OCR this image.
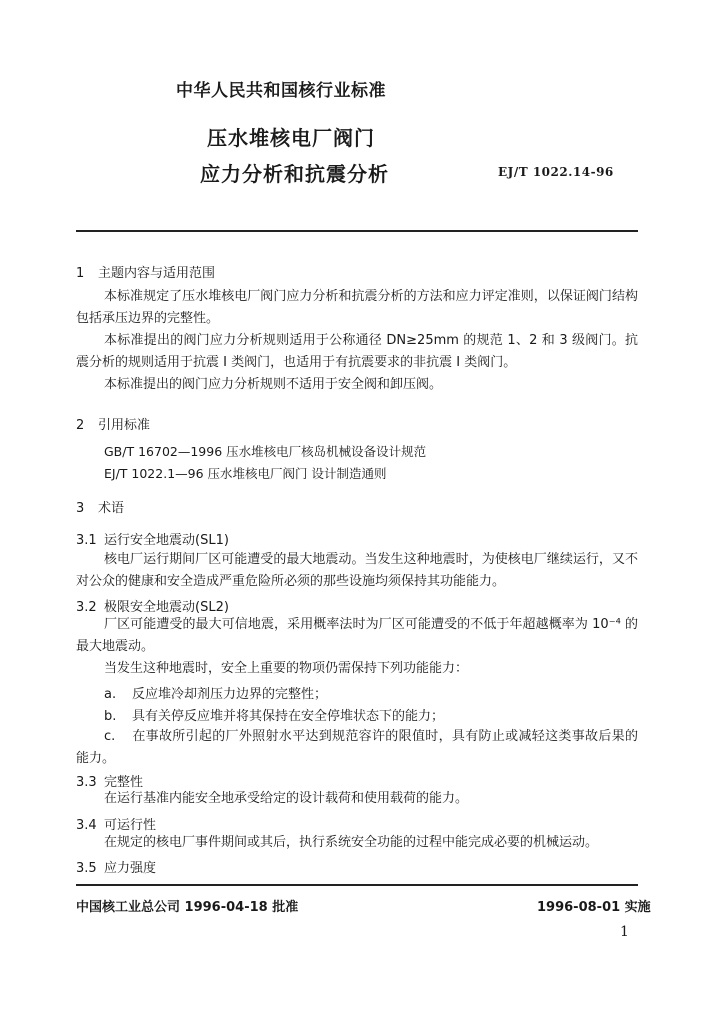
中华人民共和国核行业标准
压水堆核电厂阀门
应力分析和抗震分析	EJ/T 1022.14-96
1 主题内容与适用范围
本标准规定了压水堆核电厂阀门应力分析和抗震分析的方法和应力评定准则，以保证阀门结构包括承压边界的完整性。
本标准提出的阀门应力分析规则适用于公称通径 DN≥25mm 的规范 1、2 和 3 级阀门。抗震分析的规则适用于抗震 I 类阀门，也适用于有抗震要求的非抗震 I 类阀门。
本标准提出的阀门应力分析规则不适用于安全阀和卸压阀。
2 引用标准
GB/T 16702—1996 压水堆核电厂核岛机械设备设计规范
EJ/T 1022.1—96 压水堆核电厂阀门 设计制造通则
3 术语
3.1 运行安全地震动(SL1)
核电厂运行期间厂区可能遭受的最大地震动。当发生这种地震时，为使核电厂继续运行，又不对公众的健康和安全造成严重危险所必须的那些设施均须保持其功能能力。
3.2 极限安全地震动(SL2)
厂区可能遭受的最大可信地震，采用概率法时为厂区可能遭受的不低于年超越概率为 10⁻⁴ 的最大地震动。
当发生这种地震时，安全上重要的物项仍需保持下列功能能力：
a. 反应堆冷却剂压力边界的完整性；
b. 具有关停反应堆并将其保持在安全停堆状态下的能力；
c. 在事故所引起的厂外照射水平达到规范容许的限值时，具有防止或减轻这类事故后果的能力。
3.3 完整性
在运行基准内能安全地承受给定的设计载荷和使用载荷的能力。
3.4 可运行性
在规定的核电厂事件期间或其后，执行系统安全功能的过程中能完成必要的机械运动。
3.5 应力强度
中国核工业总公司 1996-04-18 批准	1996-08-01 实施
1
